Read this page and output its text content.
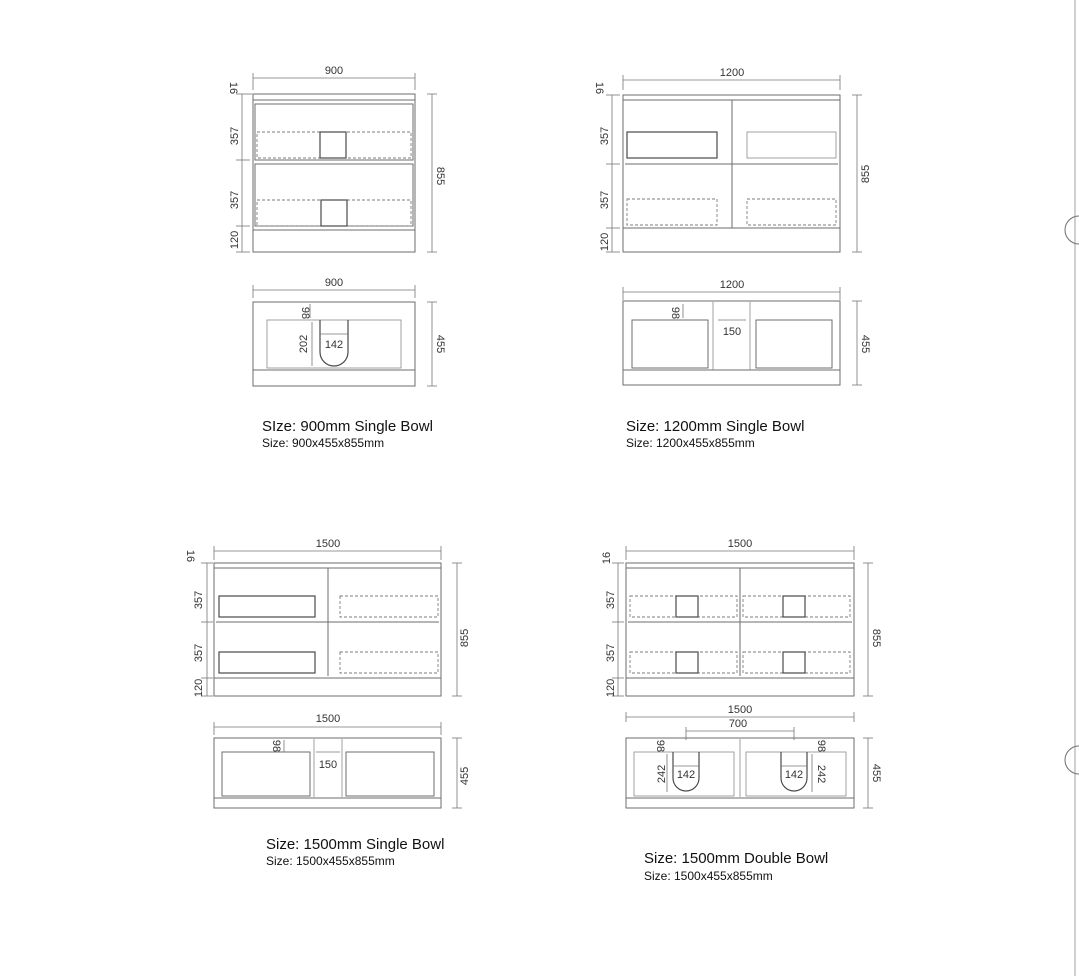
900
16
357
357
120
855
900
98
202 142	455
SIze: 900mm Single Bowl
Size: 900x455x855mm
1200
16
357
357
120
855
1200
98
150
455
Size: 1200mm Single Bowl
Size: 1200x455x855mm
1500
16
357
357
120
855
1500
98
150
455
Size: 1500mm Single Bowl
Size: 1500x455x855mm
1500
16
357
357
120
855
1500
700
98	98
242	242
142	142	455
Size: 1500mm Double Bowl
Size: 1500x455x855mm
